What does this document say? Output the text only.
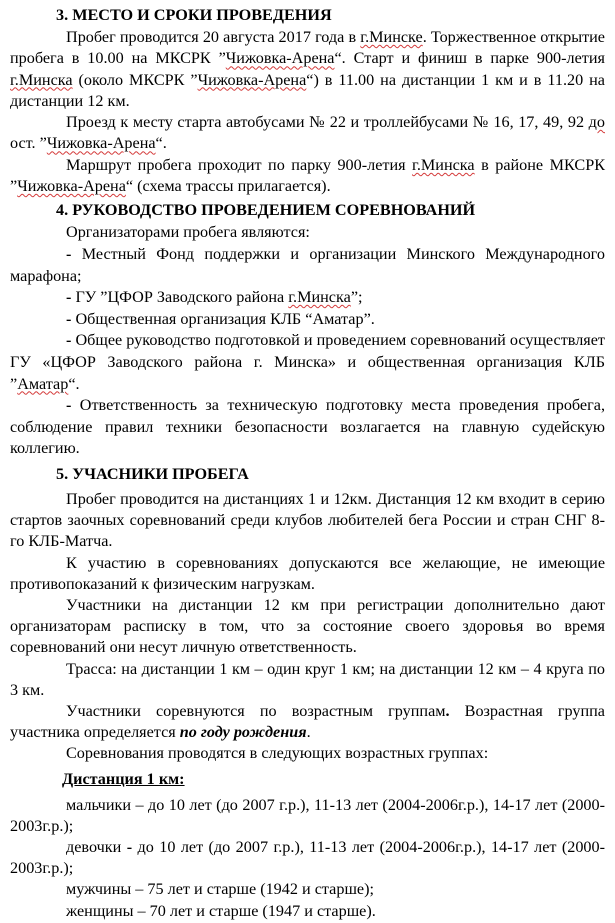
3. МЕСТО И СРОКИ ПРОВЕДЕНИЯ

Пробег проводится 20 августа 2017 года в г.Минске. Торжественное открытие пробега в 10.00 на МКСРК ”Чижовка-Арена“. Старт и финиш в парке 900-летия г.Минска (около МКСРК ”Чижовка-Арена“) в 11.00 на дистанции 1 км и в 11.20 на дистанции 12 км.

Проезд к месту старта автобусами № 22 и троллейбусами № 16, 17, 49, 92 до ост. ”Чижовка-Арена“.

Маршрут пробега проходит по парку 900-летия г.Минска в районе МКСРК ”Чижовка-Арена“ (схема трассы прилагается).

4. РУКОВОДСТВО ПРОВЕДЕНИЕМ СОРЕВНОВАНИЙ

Организаторами пробега являются:

- Местный Фонд поддержки и организации Минского Международного марафона;

- ГУ ”ЦФОР Заводского района г.Минска”;

- Общественная организация КЛБ “Аматар”.

- Общее руководство подготовкой и проведением соревнований осуществляет ГУ «ЦФОР Заводского района г. Минска» и общественная организация КЛБ ”Аматар“.

- Ответственность за техническую подготовку места проведения пробега, соблюдение правил техники безопасности возлагается на главную судейскую коллегию.

5. УЧАСНИКИ ПРОБЕГА

Пробег проводится на дистанциях 1 и 12км. Дистанция 12 км входит в серию стартов заочных соревнований среди клубов любителей бега России и стран СНГ 8-го КЛБ-Матча.

К участию в соревнованиях допускаются все желающие, не имеющие противопоказаний к физическим нагрузкам.

Участники на дистанции 12 км при регистрации дополнительно дают организаторам расписку в том, что за состояние своего здоровья во время соревнований они несут личную ответственность.

Трасса: на дистанции 1 км – один круг 1 км; на дистанции 12 км – 4 круга по 3 км.

Участники соревнуются по возрастным группам. Возрастная группа участника определяется по году рождения.

Соревнования проводятся в следующих возрастных группах:

Дистанция 1 км:

мальчики – до 10 лет (до 2007 г.р.), 11-13 лет (2004-2006г.р.), 14-17 лет (2000-2003г.р.);

девочки - до 10 лет (до 2007 г.р.), 11-13 лет (2004-2006г.р.), 14-17 лет (2000-2003г.р.);

мужчины – 75 лет и старше (1942 и старше);

женщины – 70 лет и старше (1947 и старше).
